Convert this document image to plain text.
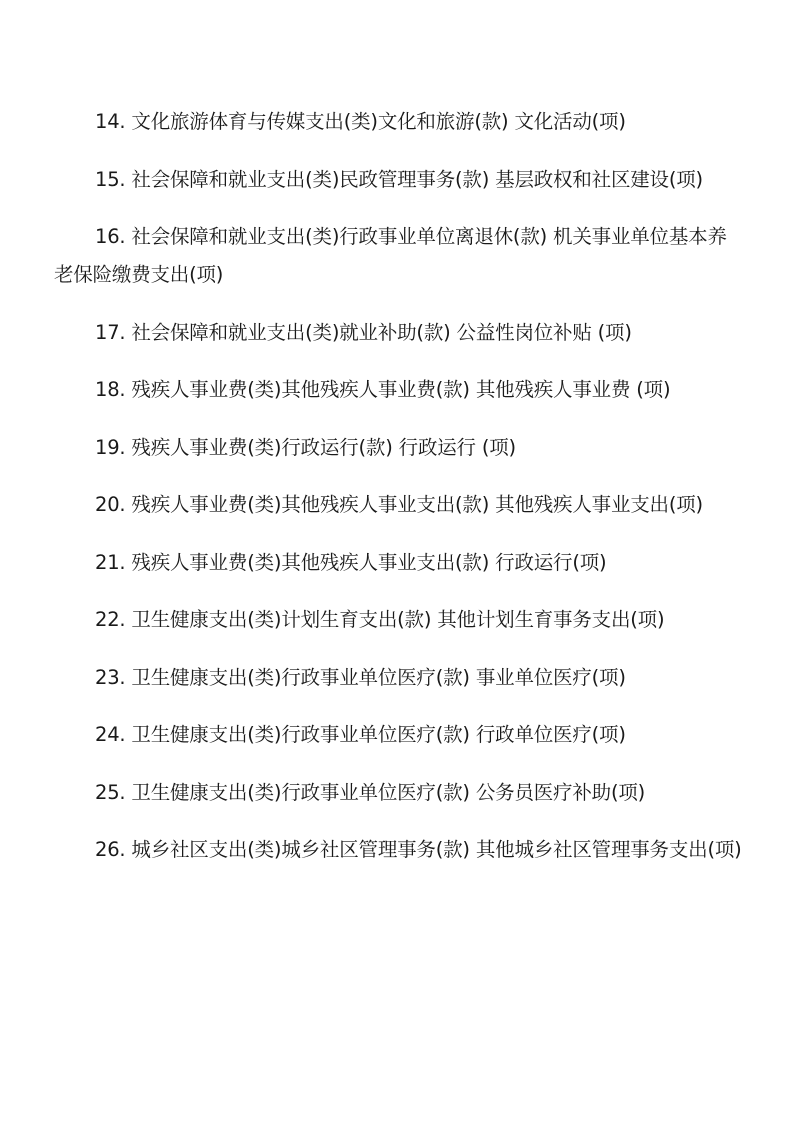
14. 文化旅游体育与传媒支出(类)文化和旅游(款) 文化活动(项)

15. 社会保障和就业支出(类)民政管理事务(款) 基层政权和社区建设(项)

16. 社会保障和就业支出(类)行政事业单位离退休(款) 机关事业单位基本养老保险缴费支出(项)

17. 社会保障和就业支出(类)就业补助(款) 公益性岗位补贴 (项)

18. 残疾人事业费(类)其他残疾人事业费(款) 其他残疾人事业费 (项)

19. 残疾人事业费(类)行政运行(款) 行政运行 (项)

20. 残疾人事业费(类)其他残疾人事业支出(款) 其他残疾人事业支出(项)

21. 残疾人事业费(类)其他残疾人事业支出(款) 行政运行(项)

22. 卫生健康支出(类)计划生育支出(款) 其他计划生育事务支出(项)

23. 卫生健康支出(类)行政事业单位医疗(款) 事业单位医疗(项)

24. 卫生健康支出(类)行政事业单位医疗(款) 行政单位医疗(项)

25. 卫生健康支出(类)行政事业单位医疗(款) 公务员医疗补助(项)

26. 城乡社区支出(类)城乡社区管理事务(款) 其他城乡社区管理事务支出(项)
